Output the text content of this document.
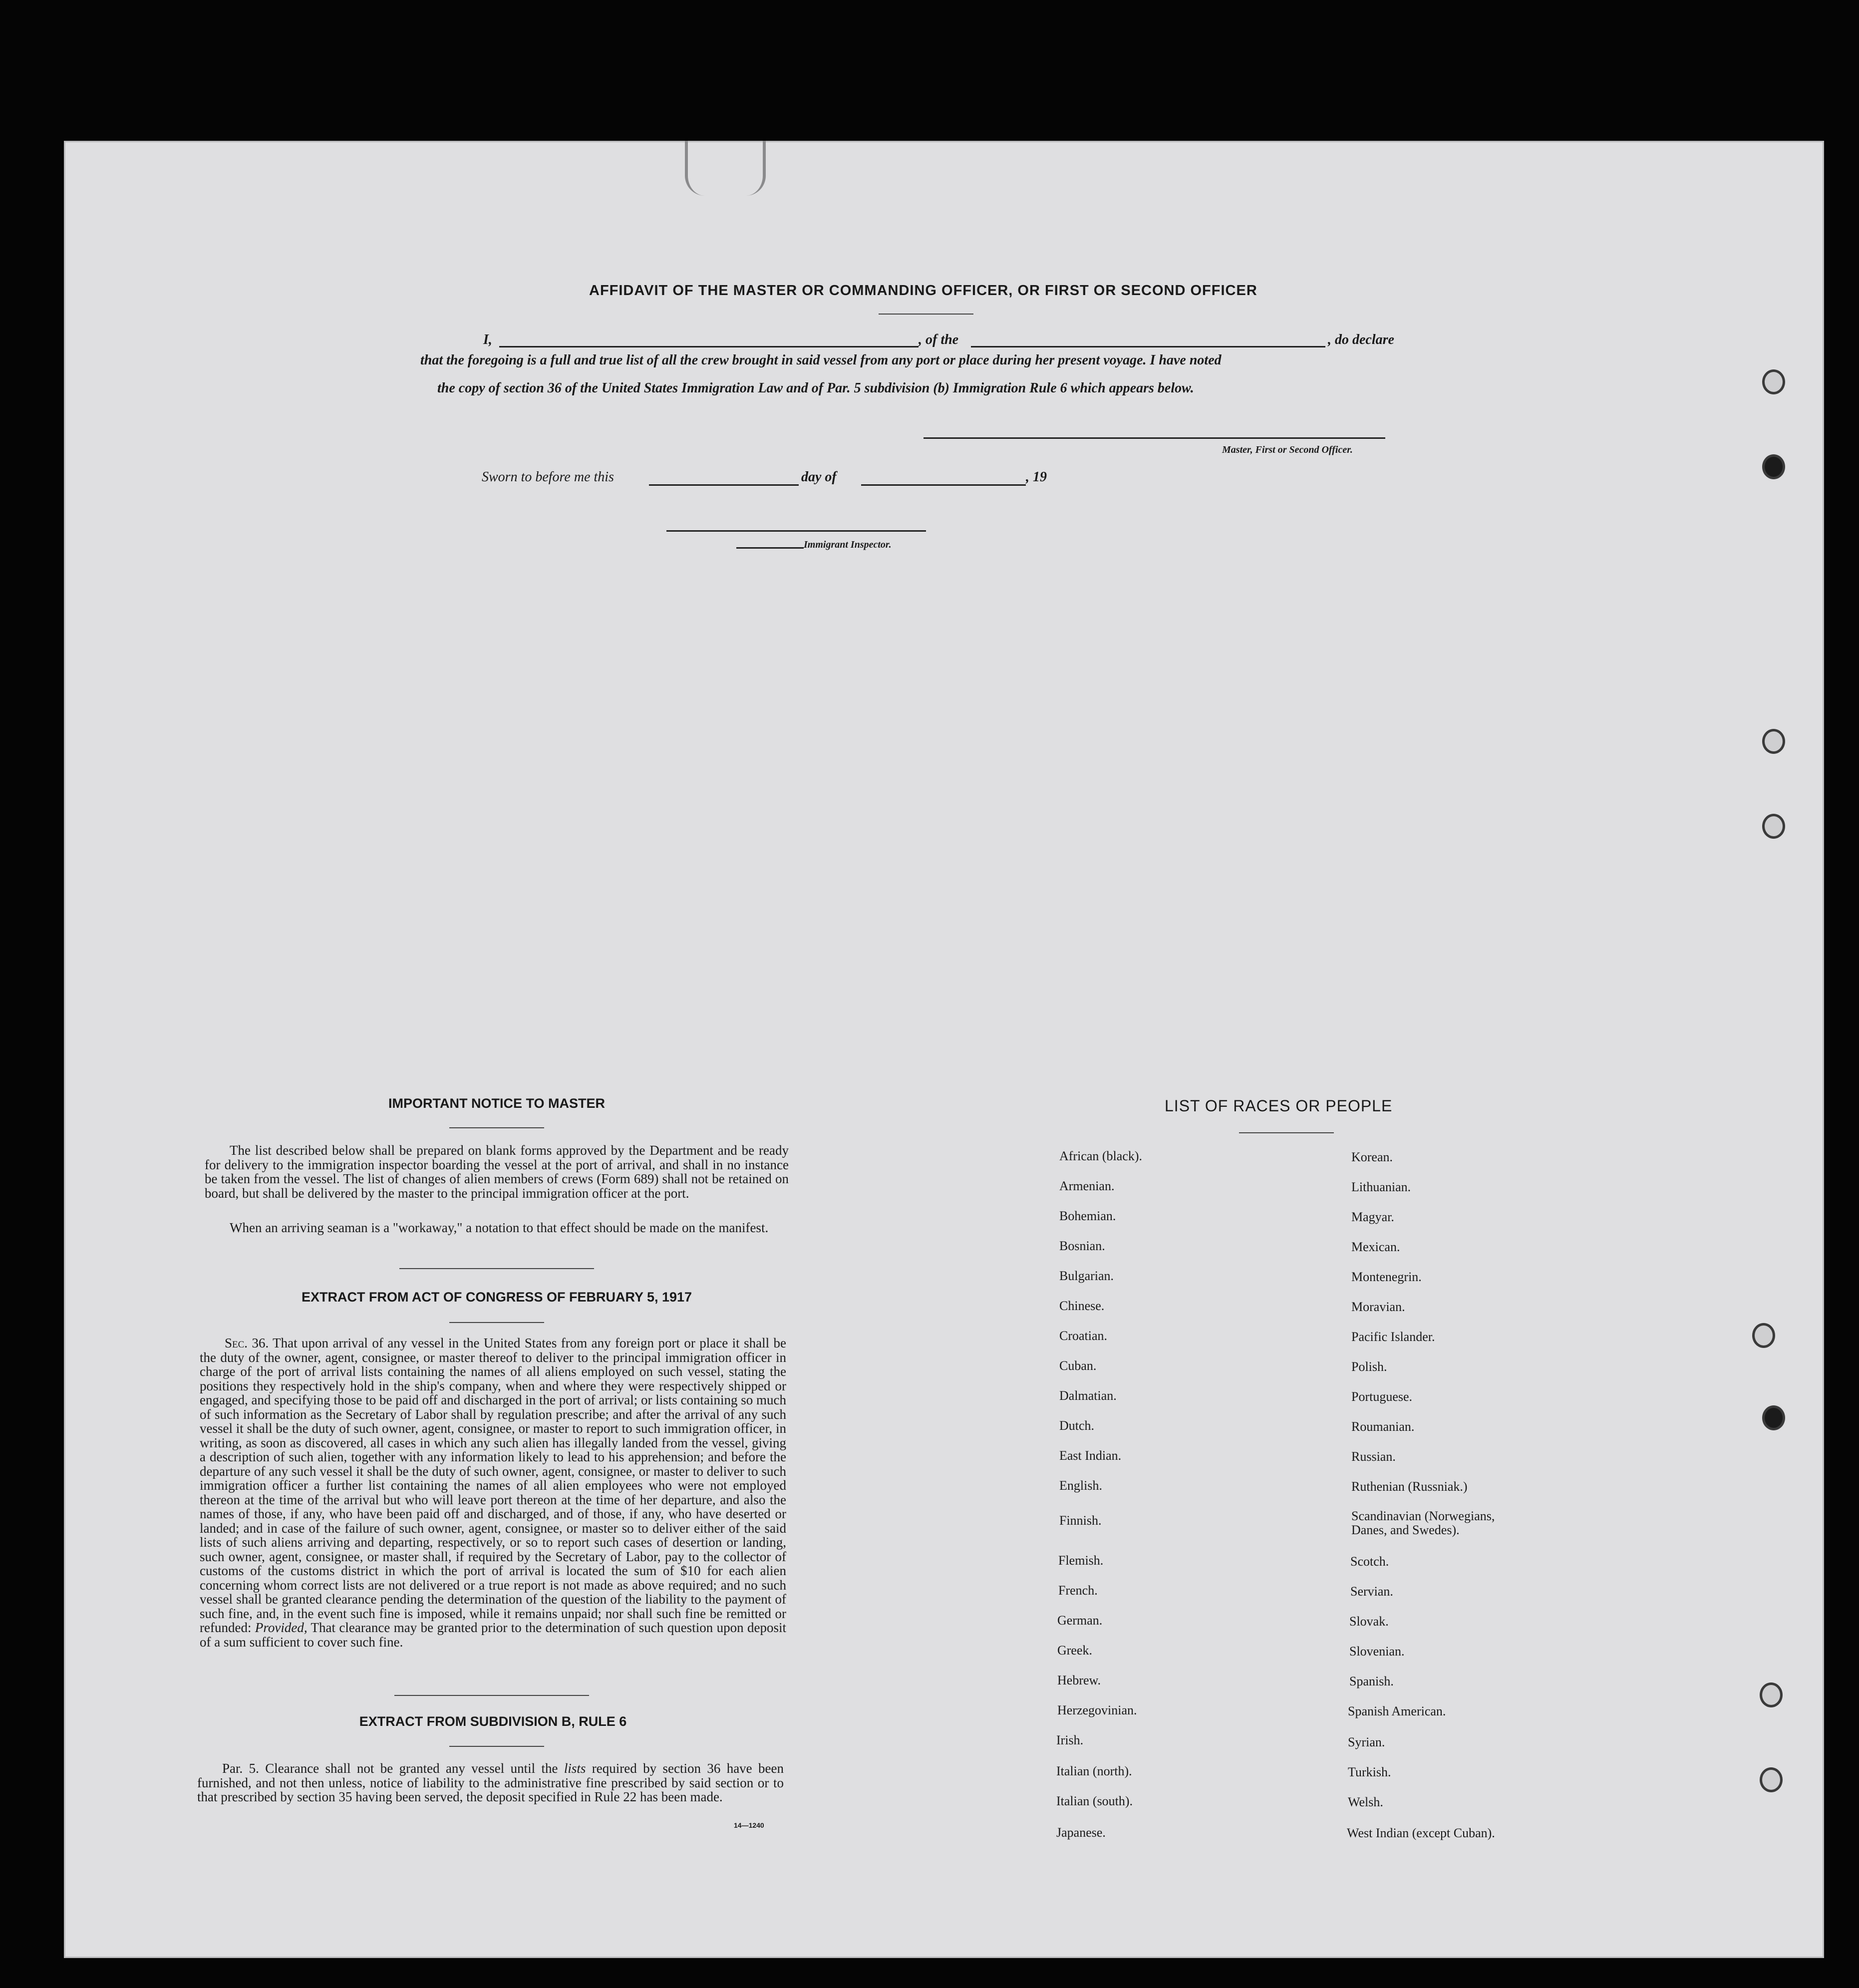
AFFIDAVIT OF THE MASTER OR COMMANDING OFFICER, OR FIRST OR SECOND OFFICER
I,	, of the	, do declare
that the foregoing is a full and true list of all the crew brought in said vessel from any port or place during her present voyage. I have noted
the copy of section 36 of the United States Immigration Law and of Par. 5 subdivision (b) Immigration Rule 6 which appears below.
Master, First or Second Officer.
Sworn to before me this	day of	, 19
Immigrant Inspector.
IMPORTANT NOTICE TO MASTER
The list described below shall be prepared on blank forms approved by the Department and be ready for delivery to the immigration inspector boarding the vessel at the port of arrival, and shall in no instance be taken from the vessel. The list of changes of alien members of crews (Form 689) shall not be retained on board, but shall be delivered by the master to the principal immigration officer at the port.
When an arriving seaman is a "workaway," a notation to that effect should be made on the manifest.
EXTRACT FROM ACT OF CONGRESS OF FEBRUARY 5, 1917
Sec. 36. That upon arrival of any vessel in the United States from any foreign port or place it shall be the duty of the owner, agent, consignee, or master thereof to deliver to the principal immigration officer in charge of the port of arrival lists containing the names of all aliens employed on such vessel, stating the positions they respectively hold in the ship's company, when and where they were respectively shipped or engaged, and specifying those to be paid off and discharged in the port of arrival; or lists containing so much of such information as the Secretary of Labor shall by regulation prescribe; and after the arrival of any such vessel it shall be the duty of such owner, agent, consignee, or master to report to such immigration officer, in writing, as soon as discovered, all cases in which any such alien has illegally landed from the vessel, giving a description of such alien, together with any information likely to lead to his apprehension; and before the departure of any such vessel it shall be the duty of such owner, agent, consignee, or master to deliver to such immigration officer a further list containing the names of all alien employees who were not employed thereon at the time of the arrival but who will leave port thereon at the time of her departure, and also the names of those, if any, who have been paid off and discharged, and of those, if any, who have deserted or landed; and in case of the failure of such owner, agent, consignee, or master so to deliver either of the said lists of such aliens arriving and departing, respectively, or so to report such cases of desertion or landing, such owner, agent, consignee, or master shall, if required by the Secretary of Labor, pay to the collector of customs of the customs district in which the port of arrival is located the sum of $10 for each alien concerning whom correct lists are not delivered or a true report is not made as above required; and no such vessel shall be granted clearance pending the determination of the question of the liability to the payment of such fine, and, in the event such fine is imposed, while it remains unpaid; nor shall such fine be remitted or refunded: Provided, That clearance may be granted prior to the determination of such question upon deposit of a sum sufficient to cover such fine.
EXTRACT FROM SUBDIVISION B, RULE 6
Par. 5. Clearance shall not be granted any vessel until the lists required by section 36 have been furnished, and not then unless, notice of liability to the administrative fine prescribed by said section or to that prescribed by section 35 having been served, the deposit specified in Rule 22 has been made.
14—1240
LIST OF RACES OR PEOPLE
African (black).
Armenian.
Bohemian.
Bosnian.
Bulgarian.
Chinese.
Croatian.
Cuban.
Dalmatian.
Dutch.
East Indian.
English.
Finnish.
Flemish.
French.
German.
Greek.
Hebrew.
Herzegovinian.
Irish.
Italian (north).
Italian (south).
Japanese.
Korean.
Lithuanian.
Magyar.
Mexican.
Montenegrin.
Moravian.
Pacific Islander.
Polish.
Portuguese.
Roumanian.
Russian.
Ruthenian (Russniak.)
Scandinavian (Norwegians, Danes, and Swedes).
Scotch.
Servian.
Slovak.
Slovenian.
Spanish.
Spanish American.
Syrian.
Turkish.
Welsh.
West Indian (except Cuban).
